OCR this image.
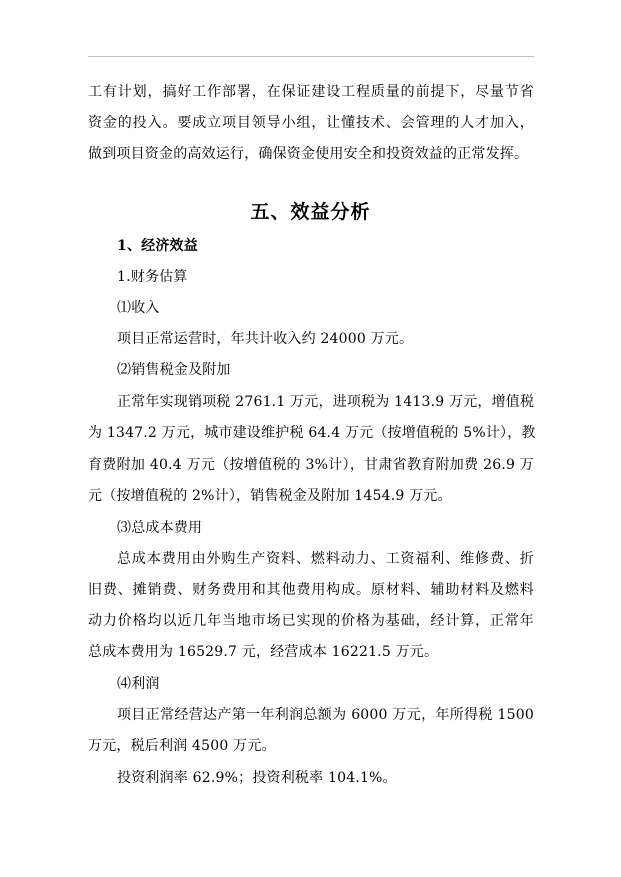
工有计划，搞好工作部署，在保证建设工程质量的前提下，尽量节省
资金的投入。要成立项目领导小组，让懂技术、会管理的人才加入，
做到项目资金的高效运行，确保资金使用安全和投资效益的正常发挥。
五、效益分析
1、经济效益
1.财务估算
⑴收入
项目正常运营时，年共计收入约 24000 万元。
⑵销售税金及附加
正常年实现销项税 2761.1 万元，进项税为 1413.9 万元，增值税
为 1347.2 万元，城市建设维护税 64.4 万元（按增值税的 5%计），教
育费附加 40.4 万元（按增值税的 3%计），甘肃省教育附加费 26.9 万
元（按增值税的 2%计），销售税金及附加 1454.9 万元。
⑶总成本费用
总成本费用由外购生产资料、燃料动力、工资福利、维修费、折
旧费、摊销费、财务费用和其他费用构成。原材料、辅助材料及燃料
动力价格均以近几年当地市场已实现的价格为基础，经计算，正常年
总成本费用为 16529.7 元，经营成本 16221.5 万元。
⑷利润
项目正常经营达产第一年利润总额为 6000 万元，年所得税 1500
万元，税后利润 4500 万元。
投资利润率 62.9%；投资利税率 104.1%。
